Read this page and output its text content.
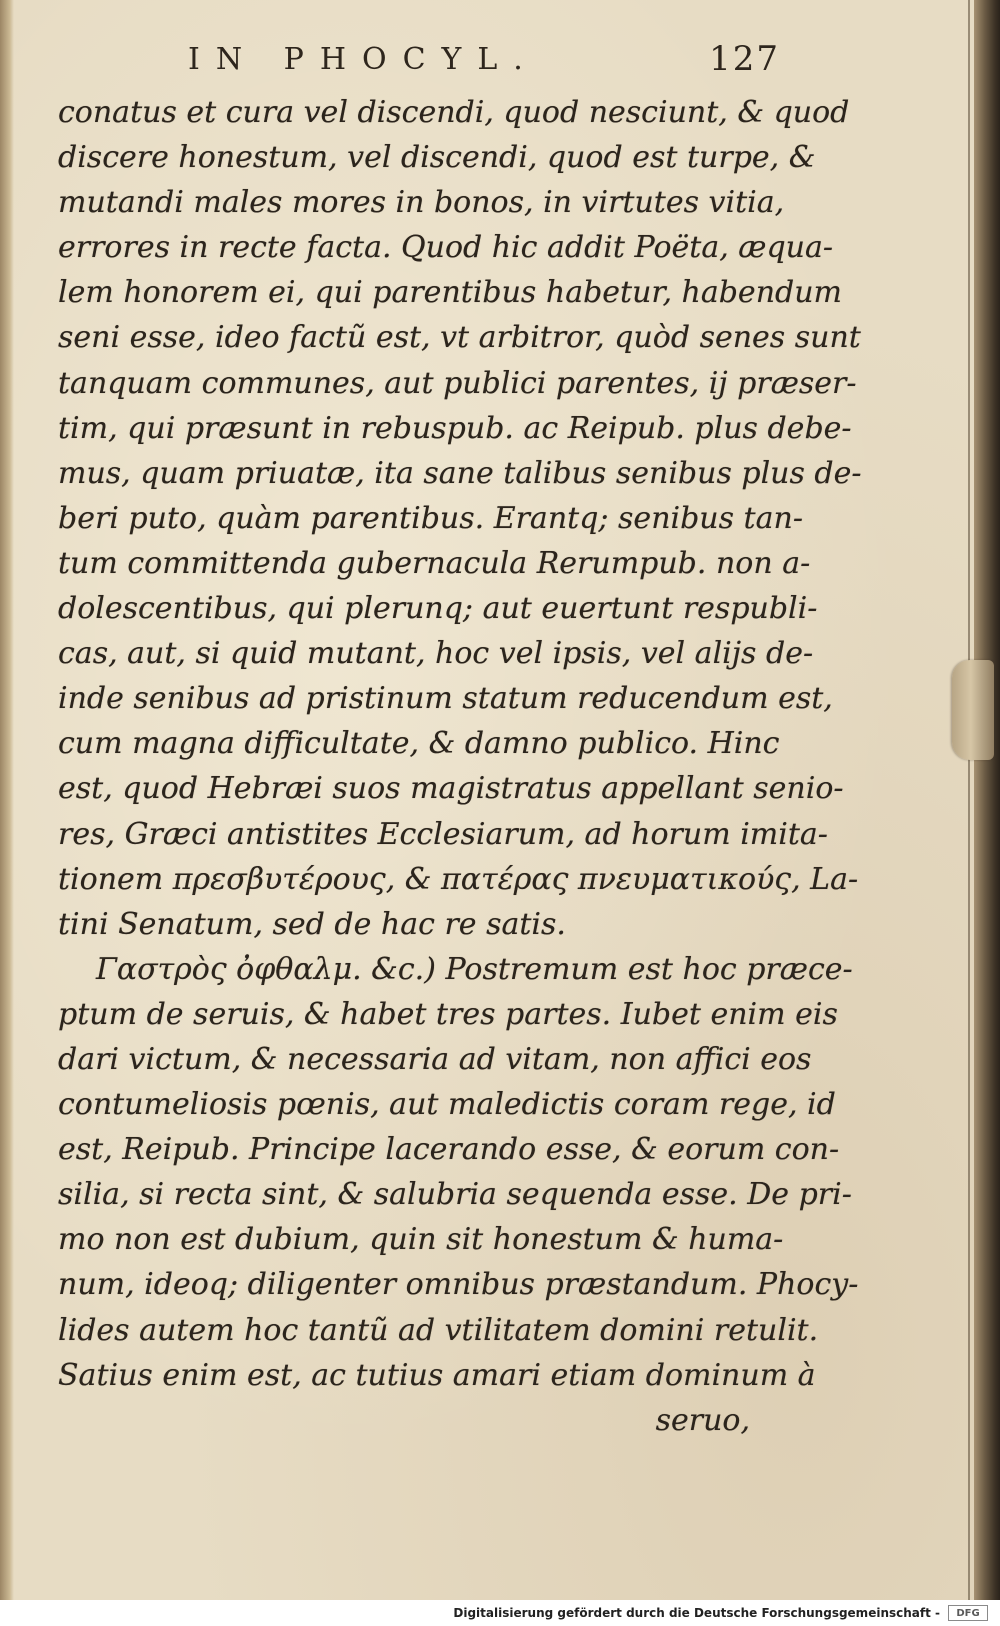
IN PHOCYL.	127
conatus et cura vel discendi, quod nesciunt, & quod
discere honestum, vel discendi, quod est turpe, &
mutandi males mores in bonos, in virtutes vitia,
errores in recte facta. Quod hic addit Poëta, æqua-
lem honorem ei, qui parentibus habetur, habendum
seni esse, ideo factũ est, vt arbitror, quòd senes sunt
tanquam communes, aut publici parentes, ij præser-
tim, qui præsunt in rebuspub. ac Reipub. plus debe-
mus, quam priuatæ, ita sane talibus senibus plus de-
beri puto, quàm parentibus. Erantq; senibus tan-
tum committenda gubernacula Rerumpub. non a-
dolescentibus, qui plerunq; aut euertunt respubli-
cas, aut, si quid mutant, hoc vel ipsis, vel alijs de-
inde senibus ad pristinum statum reducendum est,
cum magna difficultate, & damno publico. Hinc
est, quod Hebræi suos magistratus appellant senio-
res, Græci antistites Ecclesiarum, ad horum imita-
tionem πρεσβυτέρους, & πατέρας πνευματικούς, La-
tini Senatum, sed de hac re satis.
Γαστρὸς ὀφθαλμ. &c.) Postremum est hoc præce-
ptum de seruis, & habet tres partes. Iubet enim eis
dari victum, & necessaria ad vitam, non affici eos
contumeliosis pœnis, aut maledictis coram rege, id
est, Reipub. Principe lacerando esse, & eorum con-
silia, si recta sint, & salubria sequenda esse. De pri-
mo non est dubium, quin sit honestum & huma-
num, ideoq; diligenter omnibus præstandum. Phocy-
lides autem hoc tantũ ad vtilitatem domini retulit.
Satius enim est, ac tutius amari etiam dominum à
seruo,
Digitalisierung gefördert durch die Deutsche Forschungsgemeinschaft -	DFG
